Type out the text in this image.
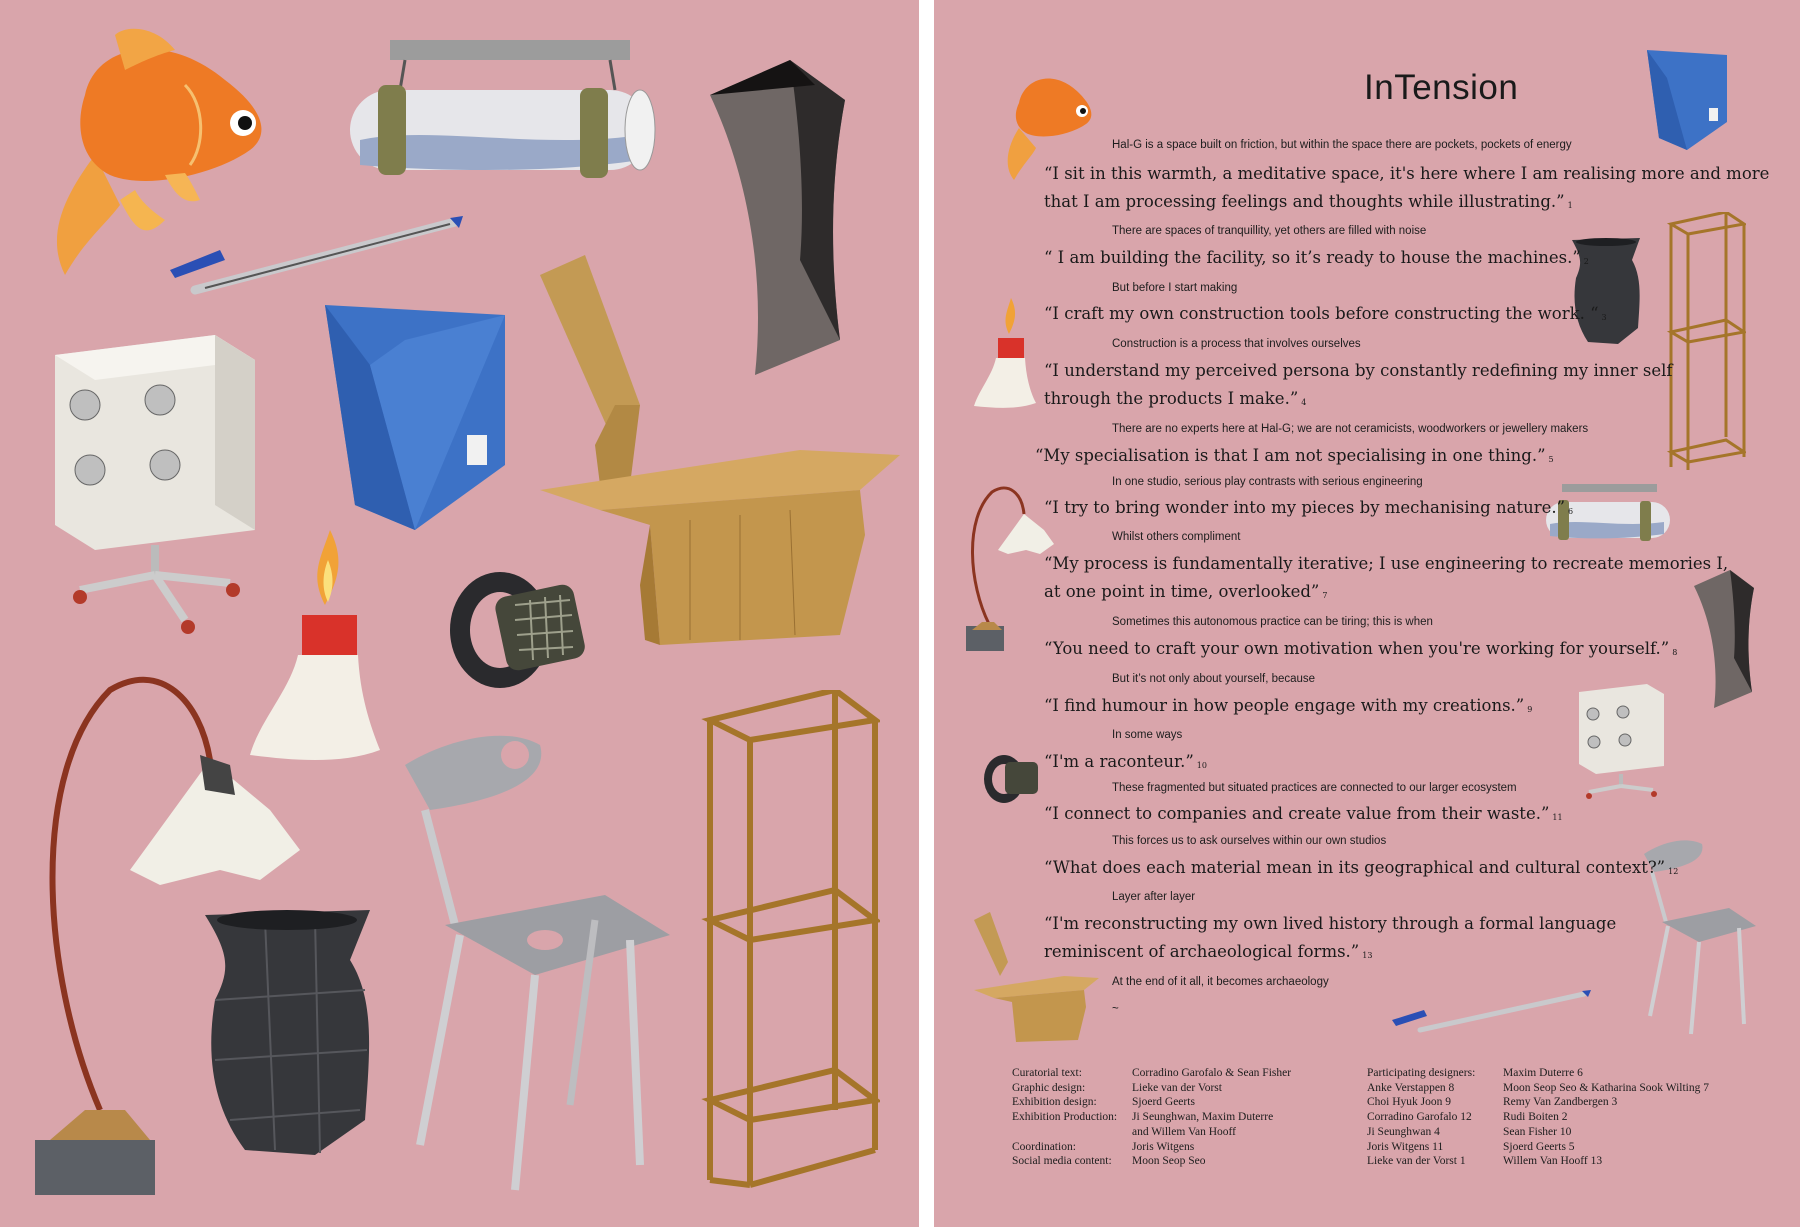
InTension
Hal-G is a space built on friction, but within the space there are pockets, pockets of energy
“I sit in this warmth, a meditative space, it's here where I am realising more and more
that I am processing feelings and thoughts while illustrating.” 1
There are spaces of tranquillity, yet others are filled with noise
“ I am building the facility, so it’s ready to house the machines.” 2
But before I start making
“I craft my own construction tools before constructing the work. “ 3
Construction is a process that involves ourselves
“I understand my perceived persona by constantly redefining my inner self
through the products I make.” 4
There are no experts here at Hal-G; we are not ceramicists, woodworkers or jewellery makers
“My specialisation is that I am not specialising in one thing.” 5
In one studio, serious play contrasts with serious engineering
“I try to bring wonder into my pieces by mechanising nature.” 6
Whilst others compliment
“My process is fundamentally iterative; I use engineering to recreate memories I,
at one point in time, overlooked” 7
Sometimes this autonomous practice can be tiring; this is when
“You need to craft your own motivation when you're working for yourself.” 8
But it’s not only about yourself, because
“I find humour in how people engage with my creations.” 9
In some ways
“I'm a raconteur.” 10
These fragmented but situated practices are connected to our larger ecosystem
“I connect to companies and create value from their waste.” 11
This forces us to ask ourselves within our own studios
“What does each material mean in its geographical and cultural context?” 12
Layer after layer
“I'm reconstructing my own lived history through a formal language
reminiscent of archaeological forms.” 13
At the end of it all, it becomes archaeology
~
Curatorial text:
Graphic design:
Exhibition design:
Exhibition Production:

Coordination:
Social media content:
Corradino Garofalo & Sean Fisher
Lieke van der Vorst
Sjoerd Geerts
Ji Seunghwan, Maxim Duterre
and Willem Van Hooff
Joris Witgens
Moon Seop Seo
Participating designers:
Anke Verstappen 8
Choi Hyuk Joon 9
Corradino Garofalo 12
Ji Seunghwan 4
Joris Witgens 11
Lieke van der Vorst 1
Maxim Duterre 6
Moon Seop Seo & Katharina Sook Wilting 7
Remy Van Zandbergen 3
Rudi Boiten 2
Sean Fisher 10
Sjoerd Geerts 5
Willem Van Hooff 13
